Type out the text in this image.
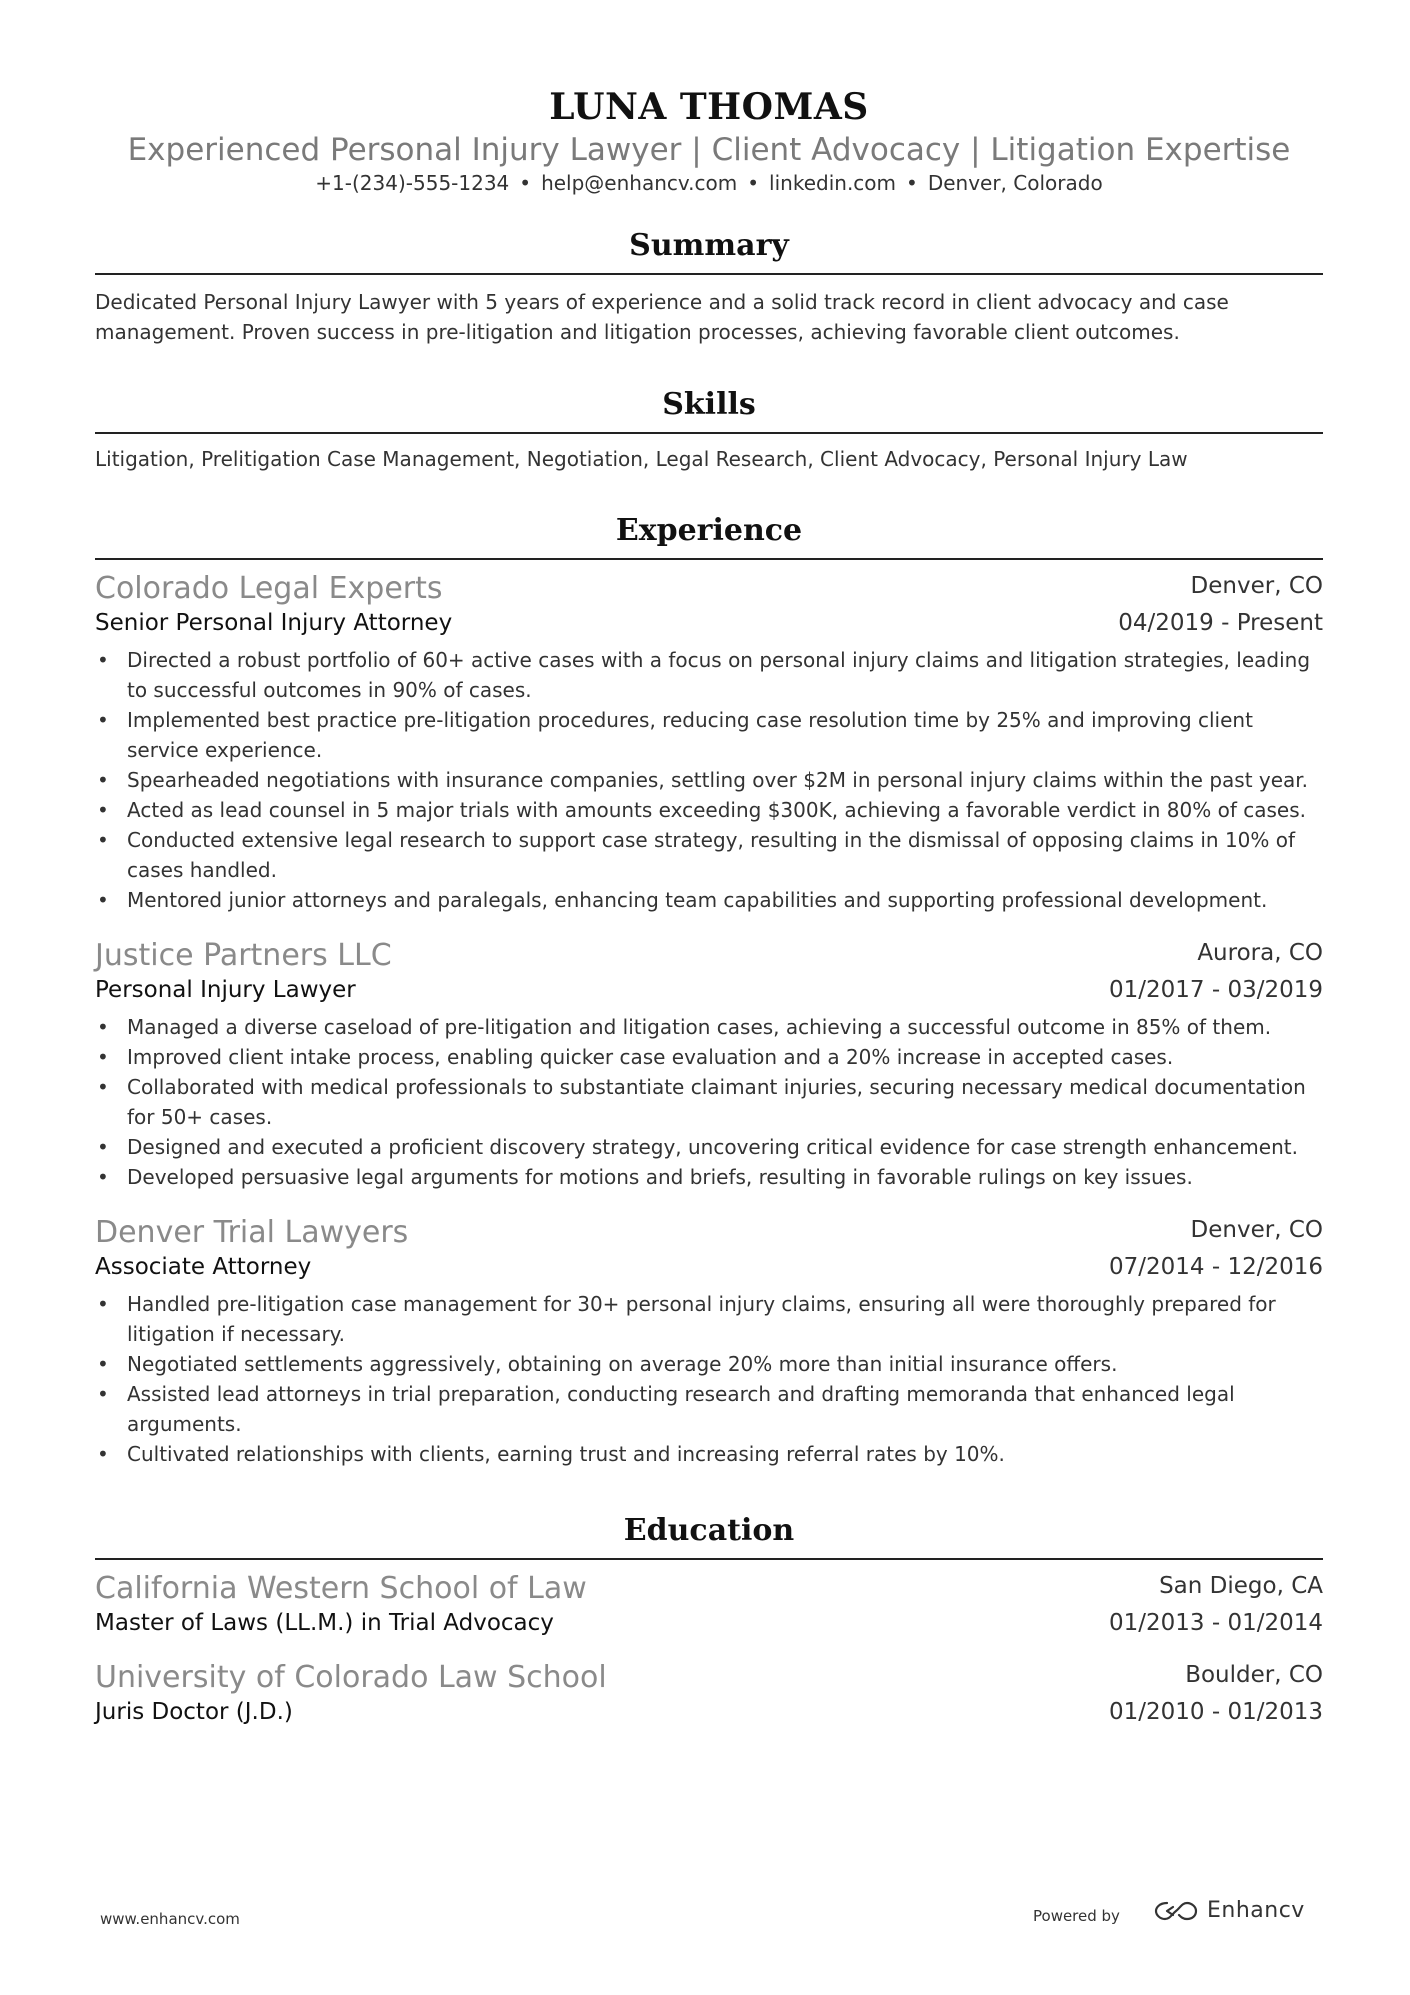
LUNA THOMAS
Experienced Personal Injury Lawyer | Client Advocacy | Litigation Expertise
+1-(234)-555-1234 • help@enhancv.com • linkedin.com • Denver, Colorado
Summary
Dedicated Personal Injury Lawyer with 5 years of experience and a solid track record in client advocacy and case management. Proven success in pre-litigation and litigation processes, achieving favorable client outcomes.
Skills
Litigation, Prelitigation Case Management, Negotiation, Legal Research, Client Advocacy, Personal Injury Law
Experience
Colorado Legal Experts	Denver, CO
Senior Personal Injury Attorney	04/2019 - Present
• Directed a robust portfolio of 60+ active cases with a focus on personal injury claims and litigation strategies, leading to successful outcomes in 90% of cases.
• Implemented best practice pre-litigation procedures, reducing case resolution time by 25% and improving client service experience.
• Spearheaded negotiations with insurance companies, settling over $2M in personal injury claims within the past year.
• Acted as lead counsel in 5 major trials with amounts exceeding $300K, achieving a favorable verdict in 80% of cases.
• Conducted extensive legal research to support case strategy, resulting in the dismissal of opposing claims in 10% of cases handled.
• Mentored junior attorneys and paralegals, enhancing team capabilities and supporting professional development.
Justice Partners LLC	Aurora, CO
Personal Injury Lawyer	01/2017 - 03/2019
• Managed a diverse caseload of pre-litigation and litigation cases, achieving a successful outcome in 85% of them.
• Improved client intake process, enabling quicker case evaluation and a 20% increase in accepted cases.
• Collaborated with medical professionals to substantiate claimant injuries, securing necessary medical documentation for 50+ cases.
• Designed and executed a proficient discovery strategy, uncovering critical evidence for case strength enhancement.
• Developed persuasive legal arguments for motions and briefs, resulting in favorable rulings on key issues.
Denver Trial Lawyers	Denver, CO
Associate Attorney	07/2014 - 12/2016
• Handled pre-litigation case management for 30+ personal injury claims, ensuring all were thoroughly prepared for litigation if necessary.
• Negotiated settlements aggressively, obtaining on average 20% more than initial insurance offers.
• Assisted lead attorneys in trial preparation, conducting research and drafting memoranda that enhanced legal arguments.
• Cultivated relationships with clients, earning trust and increasing referral rates by 10%.
Education
California Western School of Law	San Diego, CA
Master of Laws (LL.M.) in Trial Advocacy	01/2013 - 01/2014
University of Colorado Law School	Boulder, CO
Juris Doctor (J.D.)	01/2010 - 01/2013
www.enhancv.com	Powered by	Enhancv
